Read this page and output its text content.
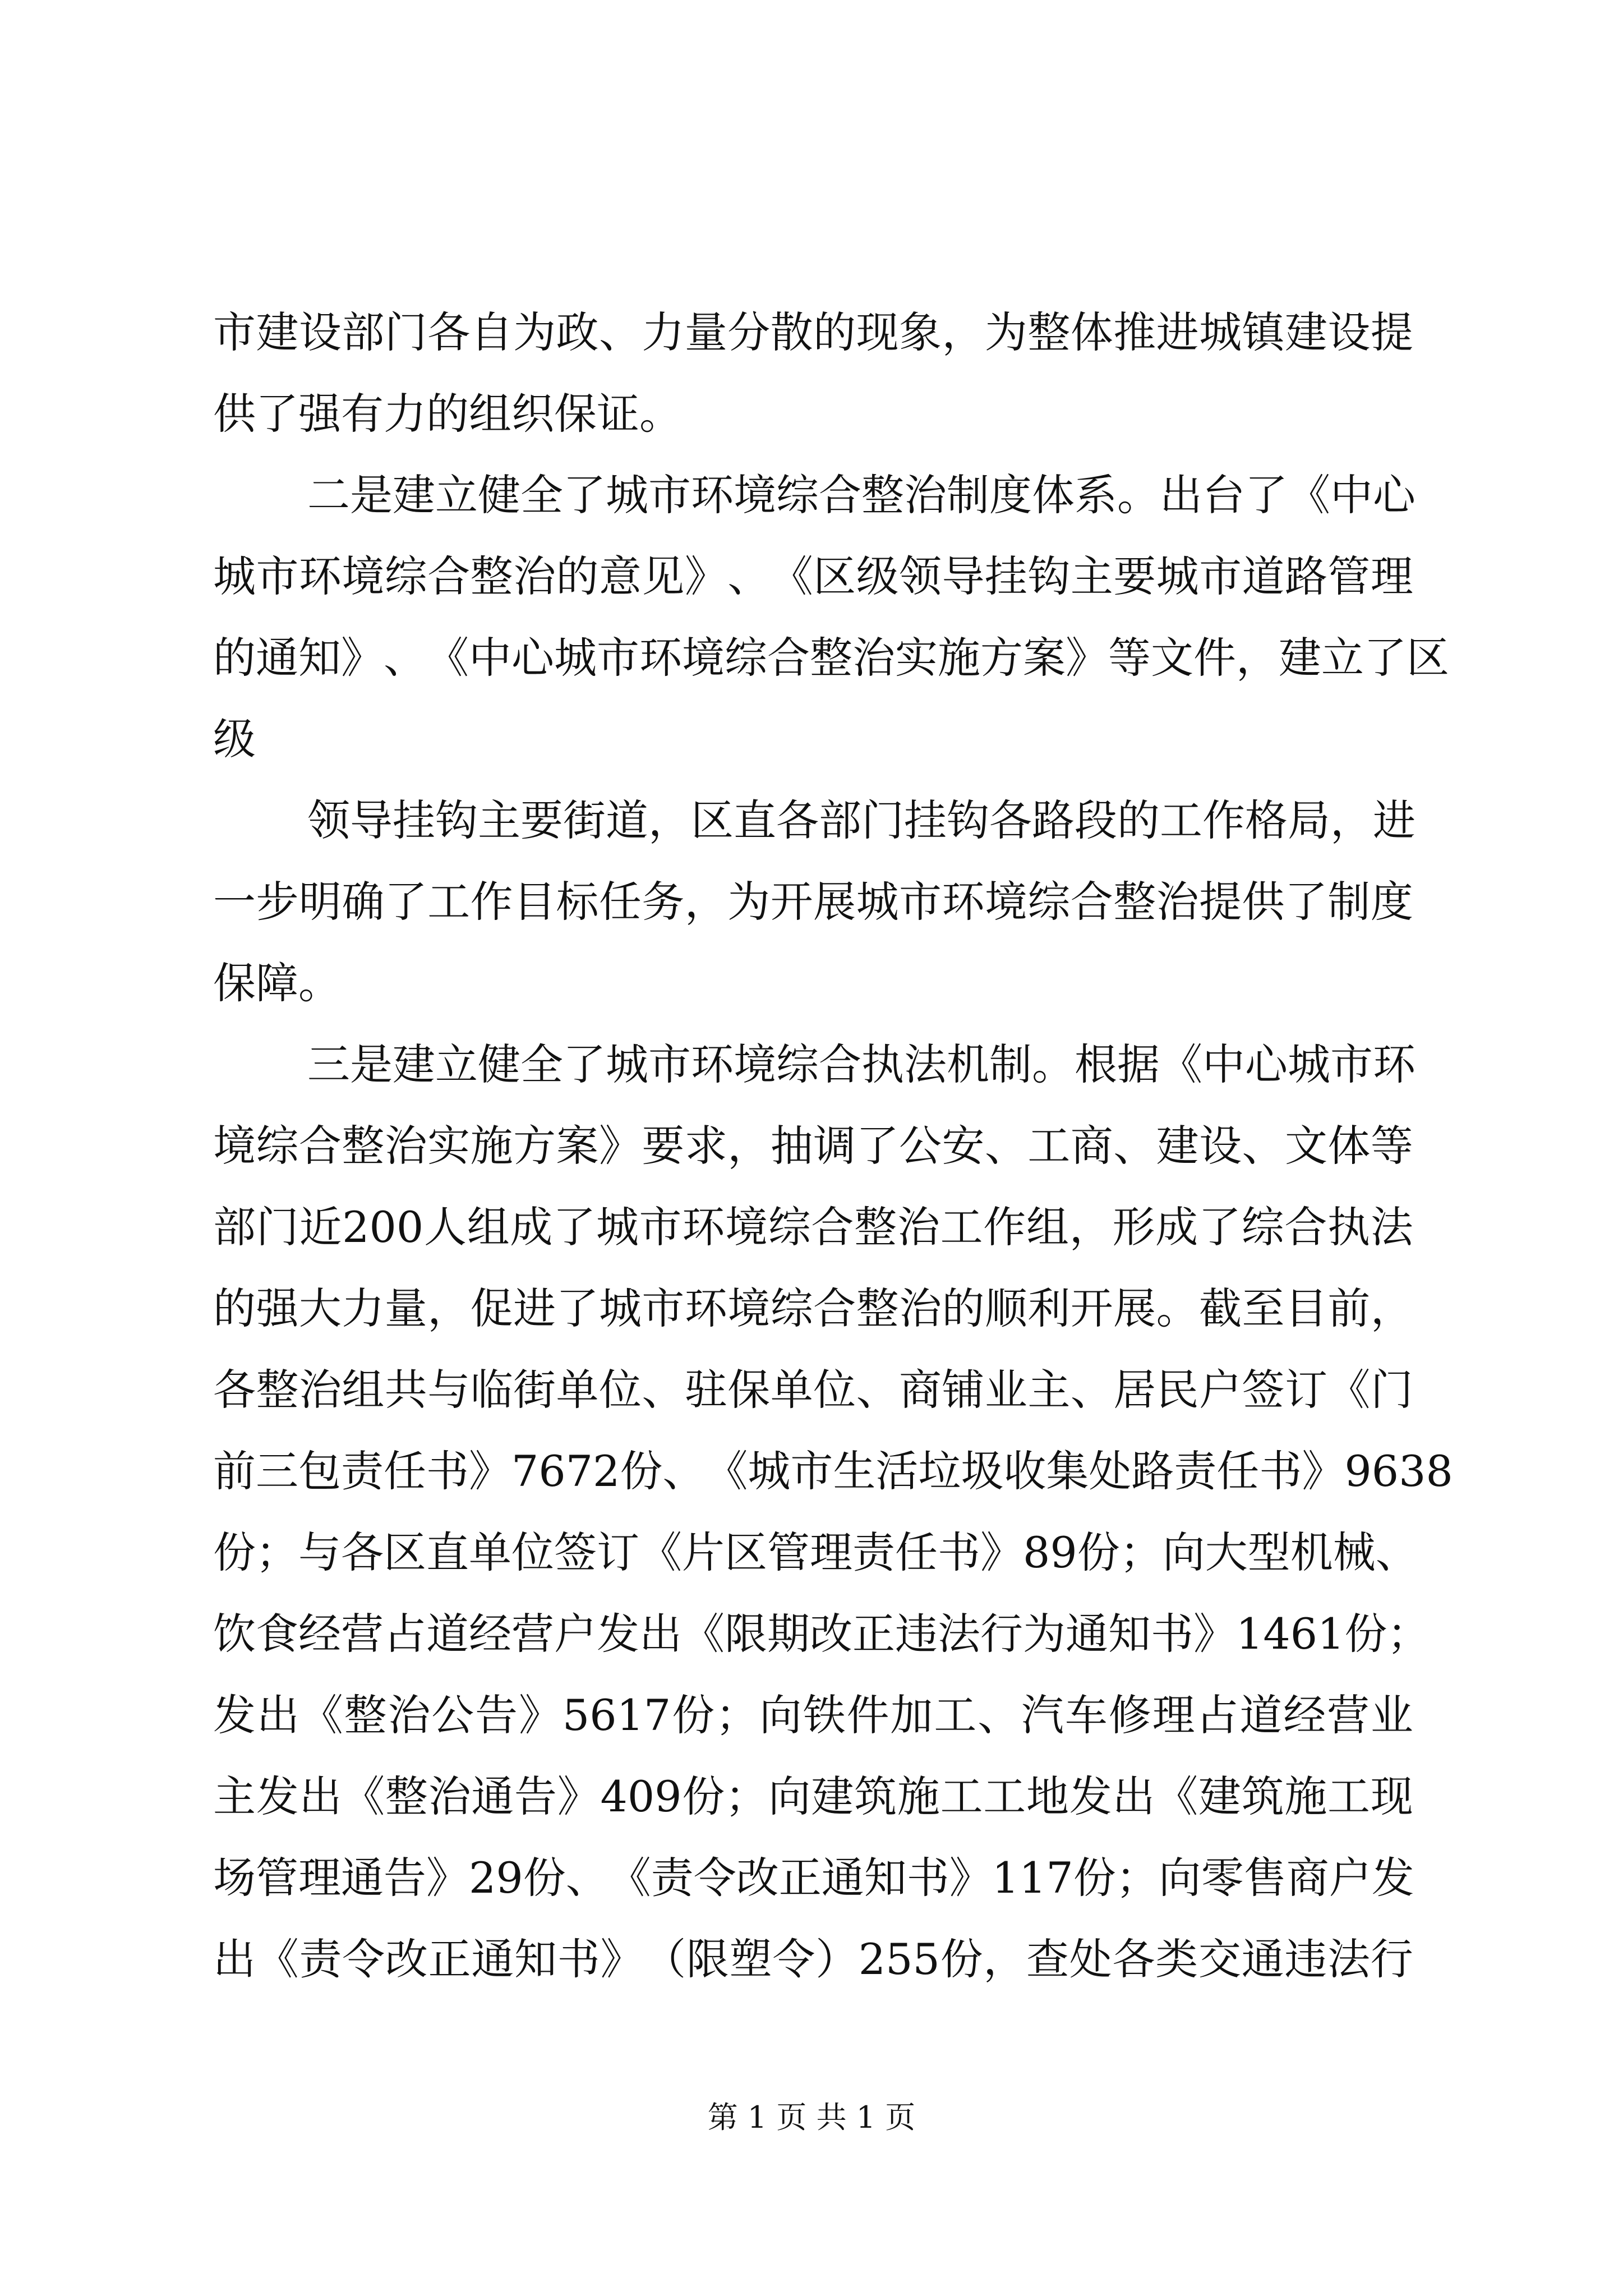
市 建 设 部 门 各 自 为 政 、 力 量 分 散 的 现 象 ， 为 整 体 推 进 城 镇 建 设 提
供 了 强 有 力 的 组 织 保 证 。
二 是 建 立 健 全 了 城 市 环 境 综 合 整 治 制 度 体 系 。 出 台 了 《 中 心
城 市 环 境 综 合 整 治 的 意 见 》 、 《 区 级 领 导 挂 钩 主 要 城 市 道 路 管 理
的 通 知 》 、 《 中 心 城 市 环 境 综 合 整 治 实 施 方 案 》 等 文 件 ， 建 立 了 区
级
领 导 挂 钩 主 要 街 道 ， 区 直 各 部 门 挂 钩 各 路 段 的 工 作 格 局 ， 进
一 步 明 确 了 工 作 目 标 任 务 ， 为 开 展 城 市 环 境 综 合 整 治 提 供 了 制 度
保 障 。
三 是 建 立 健 全 了 城 市 环 境 综 合 执 法 机 制 。 根 据 《 中 心 城 市 环
境 综 合 整 治 实 施 方 案 》 要 求 ， 抽 调 了 公 安 、 工 商 、 建 设 、 文 体 等
部 门 近 200 人 组 成 了 城 市 环 境 综 合 整 治 工 作 组 ， 形 成 了 综 合 执 法
的 强 大 力 量 ， 促 进 了 城 市 环 境 综 合 整 治 的 顺 利 开 展 。 截 至 目 前 ，
各 整 治 组 共 与 临 街 单 位 、 驻 保 单 位 、 商 铺 业 主 、 居 民 户 签 订 《 门
前 三 包 责 任 书 》 7672 份 、 《 城 市 生 活 垃 圾 收 集 处 路 责 任 书 》 9638
份 ； 与 各 区 直 单 位 签 订 《 片 区 管 理 责 任 书 》 89 份 ； 向 大 型 机 械 、
饮 食 经 营 占 道 经 营 户 发 出 《 限 期 改 正 违 法 行 为 通 知 书 》 1461 份 ；
发 出 《 整 治 公 告 》 5617 份 ； 向 铁 件 加 工 、 汽 车 修 理 占 道 经 营 业
主 发 出 《 整 治 通 告 》 409 份 ； 向 建 筑 施 工 工 地 发 出 《 建 筑 施 工 现
场 管 理 通 告 》 29 份 、 《 责 令 改 正 通 知 书 》 117 份 ； 向 零 售 商 户 发
出 《 责 令 改 正 通 知 书 》 （ 限 塑 令 ） 255 份 ， 查 处 各 类 交 通 违 法 行
第 1 页 共 1 页
